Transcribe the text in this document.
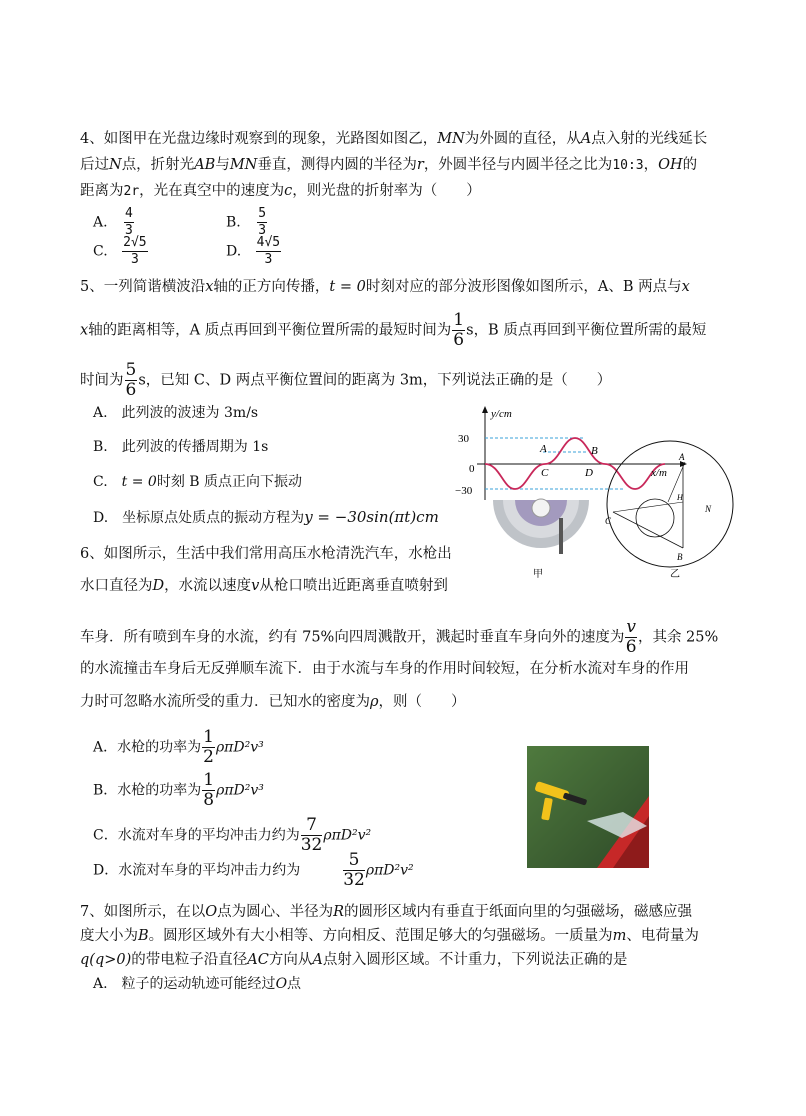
4、如图甲在光盘边缘时观察到的现象，光路图如图乙，MN为外圆的直径，从A点入射的光线延长
后过N点，折射光AB与MN垂直，测得内圆的半径为r，外圆半径与内圆半径之比为10:3，OH的
距离为2r，光在真空中的速度为c，则光盘的折射率为（　　）
A. $\frac{4}{3}$	B. $\frac{5}{3}$
C. $\frac{2√5}{3}$	D. $\frac{4√5}{3}$
5、一列简谐横波沿x轴的正方向传播，t = 0时刻对应的部分波形图像如图所示，A、B 两点与x
x轴的距离相等，A 质点再回到平衡位置所需的最短时间为 $\frac{1}{6}$ s，B 质点再回到平衡位置所需的最短
时间为 $\frac{5}{6}$ s，已知 C、D 两点平衡位置间的距离为 3m，下列说法正确的是（　　）
A.　此列波的波速为 3m/s
B.　此列波的传播周期为 1s
C.　t = 0时刻 B 质点正向下振动
D.　坐标原点处质点的振动方程为y = −30sin(πt)cm
y/cm
30
0
−30
A	B
C	D	x/m
甲
A
N
C
B
H
乙
6、如图所示，生活中我们常用高压水枪清洗汽车，水枪出
水口直径为D，水流以速度v从枪口喷出近距离垂直喷射到
车身．所有喷到车身的水流，约有 75%向四周溅散开，溅起时垂直车身向外的速度为 $\frac{v}{6}$ ，其余 25%
的水流撞击车身后无反弹顺车流下．由于水流与车身的作用时间较短，在分析水流对车身的作用
力时可忽略水流所受的重力．已知水的密度为ρ，则（　　）
A．水枪的功率为 $\frac{1}{2} \rho\pi D^2v^3$
B．水枪的功率为 $\frac{1}{8} \rho\pi D^2v^3$
C．水流对车身的平均冲击力约为 $\frac{7}{32} \rho\pi D^2v^2$
D．水流对车身的平均冲击力约为	$\frac{5}{32} \rho\pi D^2v^2$
7、如图所示，在以O点为圆心、半径为R的圆形区域内有垂直于纸面向里的匀强磁场，磁感应强
度大小为B。圆形区域外有大小相等、方向相反、范围足够大的匀强磁场。一质量为m、电荷量为
q(q>0)的带电粒子沿直径AC方向从A点射入圆形区域。不计重力，下列说法正确的是
A.　粒子的运动轨迹可能经过O点
